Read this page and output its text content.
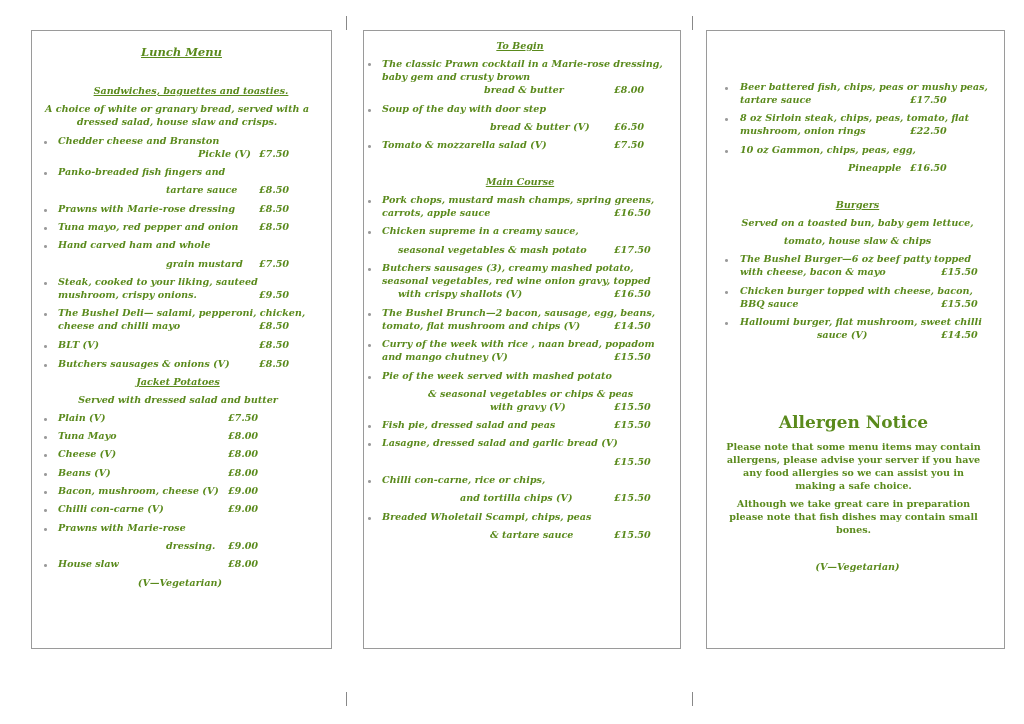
Lunch Menu
Sandwiches, baguettes and toasties.
A choice of white or granary bread, served with a
dressed salad, house slaw and crisps.
Chedder cheese and Branston
Pickle (V) £7.50
Panko-breaded fish fingers and
tartare sauce £8.50
Prawns with Marie-rose dressing £8.50
Tuna mayo, red pepper and onion £8.50
Hand carved ham and whole
grain mustard £7.50
Steak, cooked to your liking, sauteed
mushroom, crispy onions.	£9.50
The Bushel Deli— salami, pepperoni, chicken,
cheese and chilli mayo	£8.50
BLT (V)	£8.50
Butchers sausages & onions (V)	£8.50
Jacket Potatoes
Served with dressed salad and butter
Plain (V)	£7.50
Tuna Mayo	£8.00
Cheese (V)	£8.00
Beans (V)	£8.00
Bacon, mushroom, cheese (V) £9.00
Chilli con-carne (V)	£9.00
Prawns with Marie-rose
dressing. £9.00
House slaw	£8.00
(V—Vegetarian)
To Begin
The classic Prawn cocktail in a Marie-rose dressing,
baby gem and crusty brown
bread & butter	£8.00
Soup of the day with door step
bread & butter (V)	£6.50
Tomato & mozzarella salad (V)	£7.50
Main Course
Pork chops, mustard mash champs, spring greens,
carrots, apple sauce	£16.50
Chicken supreme in a creamy sauce,
seasonal vegetables & mash potato	£17.50
Butchers sausages (3), creamy mashed potato,
seasonal vegetables, red wine onion gravy, topped
with crispy shallots (V)	£16.50
The Bushel Brunch—2 bacon, sausage, egg, beans,
tomato, flat mushroom and chips (V)	£14.50
Curry of the week with rice , naan bread, popadom
and mango chutney (V)	£15.50
Pie of the week served with mashed potato
& seasonal vegetables or chips & peas
with gravy (V)	£15.50
Fish pie, dressed salad and peas	£15.50
Lasagne, dressed salad and garlic bread (V)
£15.50
Chilli con-carne, rice or chips,
and tortilla chips (V)	£15.50
Breaded Wholetail Scampi, chips, peas
& tartare sauce	£15.50
Beer battered fish, chips, peas or mushy peas,
tartare sauce	£17.50
8 oz Sirloin steak, chips, peas, tomato, flat
mushroom, onion rings	£22.50
10 oz Gammon, chips, peas, egg,
Pineapple £16.50
Burgers
Served on a toasted bun, baby gem lettuce,
tomato, house slaw & chips
The Bushel Burger—6 oz beef patty topped
with cheese, bacon & mayo	£15.50
Chicken burger topped with cheese, bacon,
BBQ sauce	£15.50
Halloumi burger, flat mushroom, sweet chilli
sauce (V)	£14.50
Allergen Notice
Please note that some menu items may contain
allergens, please advise your server if you have
any food allergies so we can assist you in
making a safe choice.
Although we take great care in preparation
please note that fish dishes may contain small
bones.
(V—Vegetarian)
